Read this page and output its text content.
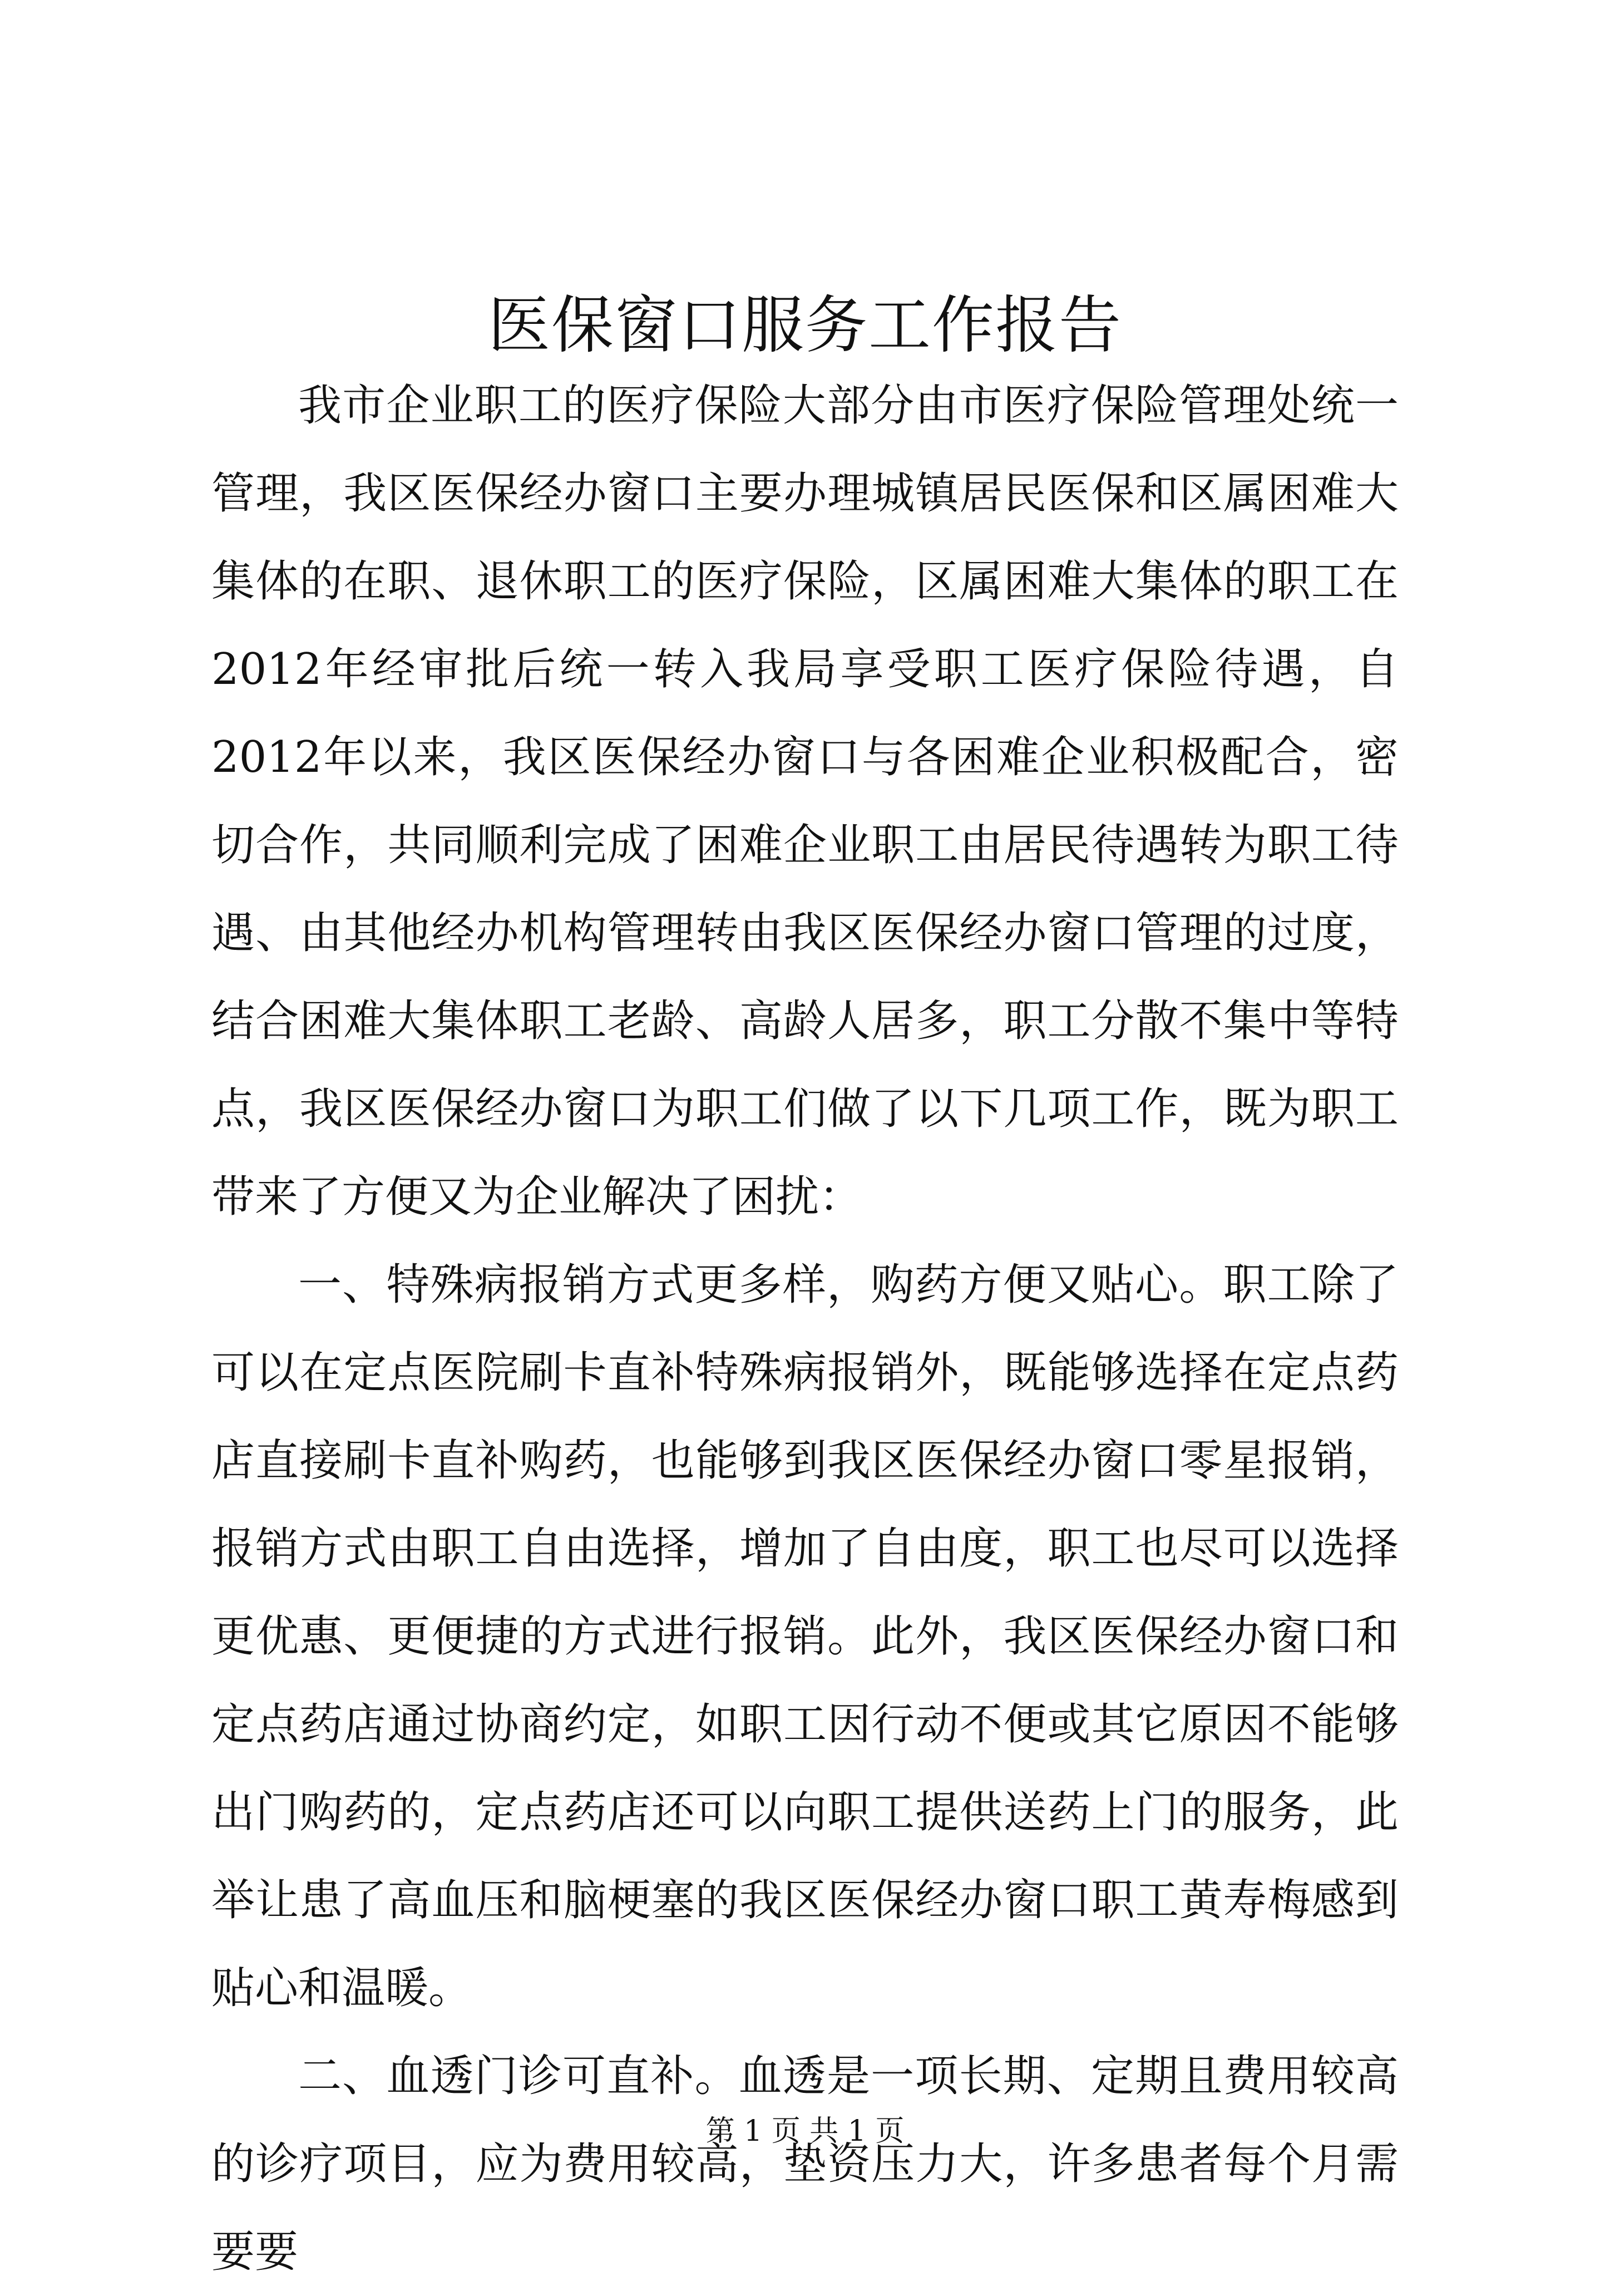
医保窗口服务工作报告

我市企业职工的医疗保险大部分由市医疗保险管理处统一管理，我区医保经办窗口主要办理城镇居民医保和区属困难大集体的在职、退休职工的医疗保险，区属困难大集体的职工在2012年经审批后统一转入我局享受职工医疗保险待遇，自2012年以来，我区医保经办窗口与各困难企业积极配合，密切合作，共同顺利完成了困难企业职工由居民待遇转为职工待遇、由其他经办机构管理转由我区医保经办窗口管理的过度，结合困难大集体职工老龄、高龄人居多，职工分散不集中等特点，我区医保经办窗口为职工们做了以下几项工作，既为职工带来了方便又为企业解决了困扰：

一、特殊病报销方式更多样，购药方便又贴心。职工除了可以在定点医院刷卡直补特殊病报销外，既能够选择在定点药店直接刷卡直补购药，也能够到我区医保经办窗口零星报销，报销方式由职工自由选择，增加了自由度，职工也尽可以选择更优惠、更便捷的方式进行报销。此外，我区医保经办窗口和定点药店通过协商约定，如职工因行动不便或其它原因不能够出门购药的，定点药店还可以向职工提供送药上门的服务，此举让患了高血压和脑梗塞的我区医保经办窗口职工黄寿梅感到贴心和温暖。

二、血透门诊可直补。血透是一项长期、定期且费用较高的诊疗项目，应为费用较高，垫资压力大，许多患者每个月需要要

第 1 页 共 1 页
